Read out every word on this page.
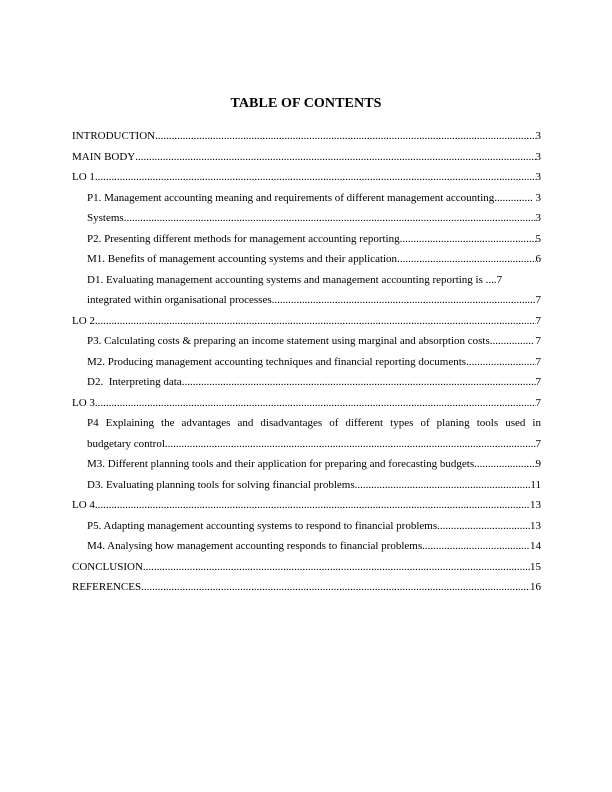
TABLE OF CONTENTS
INTRODUCTION .....	3
MAIN BODY .....	3
LO 1 .....	3
P1. Management accounting meaning and requirements of different management accounting .....	3
Systems .....	3
P2. Presenting different methods for management accounting reporting .....	5
M1. Benefits of management accounting systems and their application .....	6
D1. Evaluating management accounting systems and management accounting reporting is .... 7
integrated within organisational processes .....	7
LO 2 .....	7
P3. Calculating costs & preparing an income statement using marginal and absorption costs.. .....	7
M2. Producing management accounting techniques and financial reporting documents .....	7
D2.  Interpreting data .....	7
LO 3 .....	7
P4 Explaining the advantages and disadvantages of different types of planing tools used in
budgetary control .....	7
M3. Different planning tools and their application for preparing and forecasting budgets .....	9
D3. Evaluating planning tools for solving financial problems .....	11
LO 4 .....	13
P5. Adapting management accounting systems to respond to financial problems .....	13
M4. Analysing how management accounting responds to financial problems .....	14
CONCLUSION .....	15
REFERENCES .....	16
